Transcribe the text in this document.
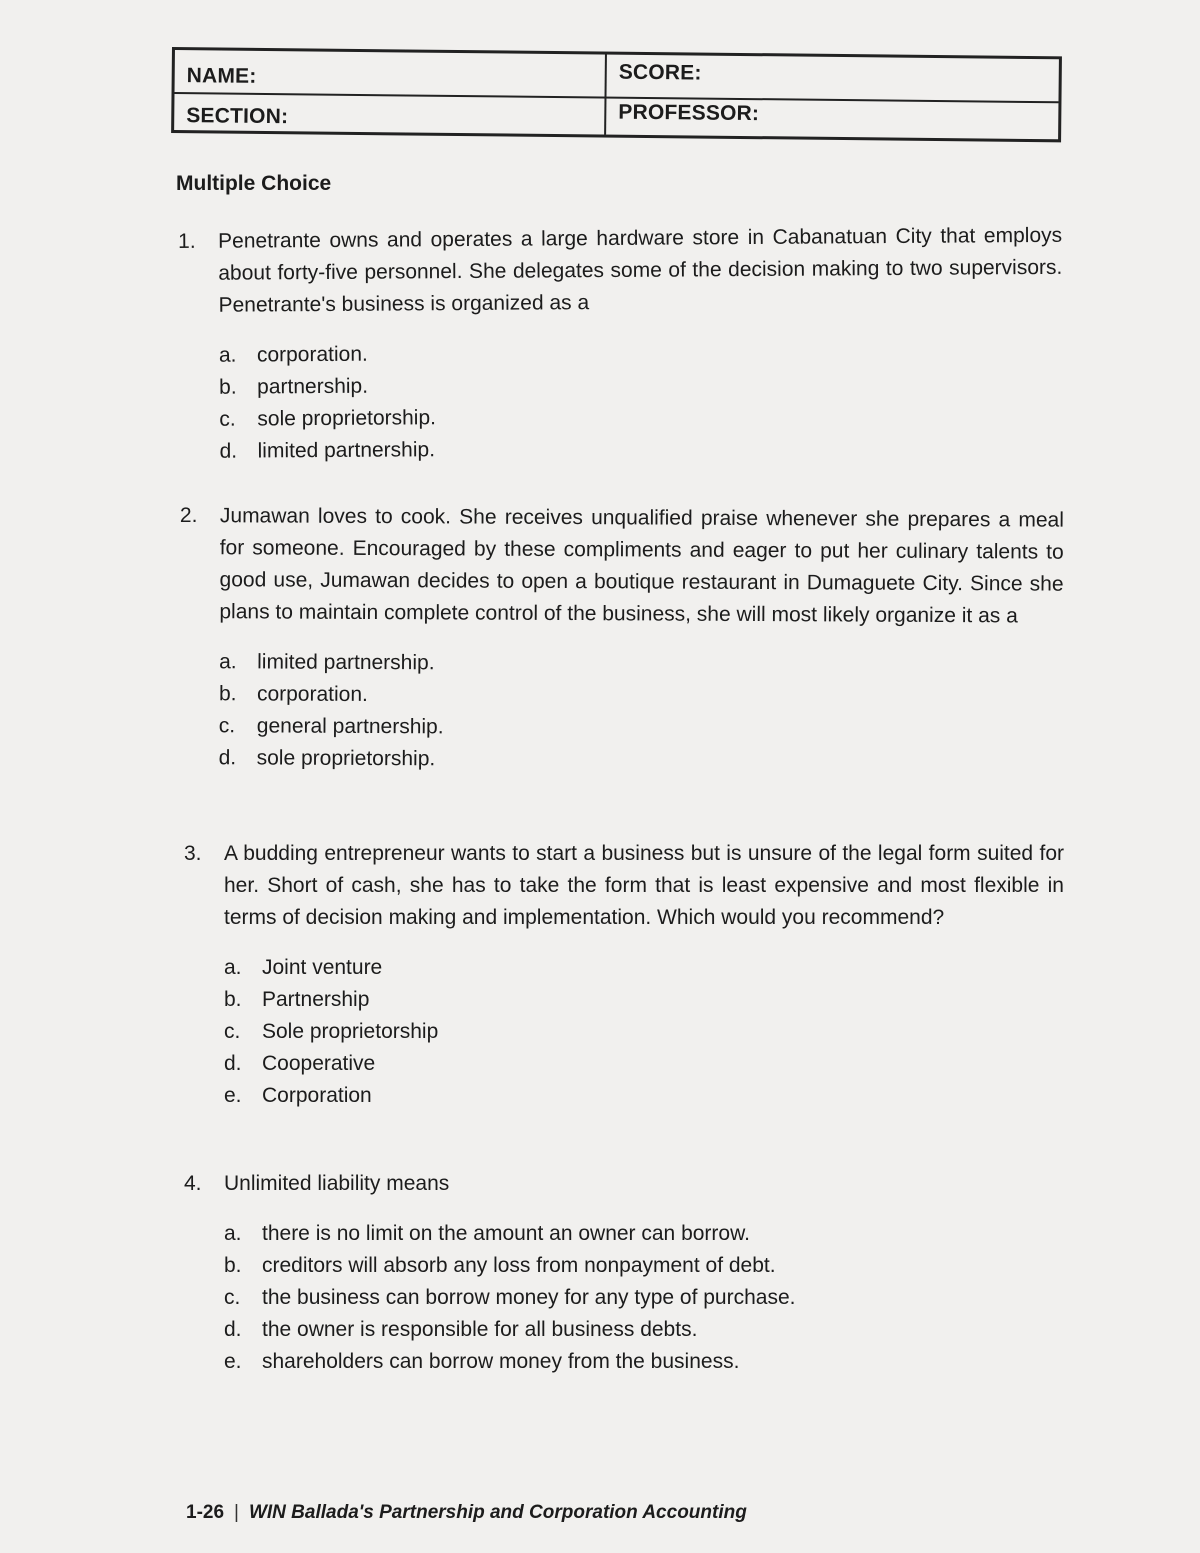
NAME:
SECTION:
SCORE:
PROFESSOR:
Multiple Choice
1. Penetrante owns and operates a large hardware store in Cabanatuan City that employs about forty-five personnel. She delegates some of the decision making to two supervisors. Penetrante's business is organized as a
a. corporation.
b. partnership.
c. sole proprietorship.
d. limited partnership.
2. Jumawan loves to cook. She receives unqualified praise whenever she prepares a meal for someone. Encouraged by these compliments and eager to put her culinary talents to good use, Jumawan decides to open a boutique restaurant in Dumaguete City. Since she plans to maintain complete control of the business, she will most likely organize it as a
a. limited partnership.
b. corporation.
c. general partnership.
d. sole proprietorship.
3. A budding entrepreneur wants to start a business but is unsure of the legal form suited for her. Short of cash, she has to take the form that is least expensive and most flexible in terms of decision making and implementation. Which would you recommend?
a. Joint venture
b. Partnership
c. Sole proprietorship
d. Cooperative
e. Corporation
4. Unlimited liability means
a. there is no limit on the amount an owner can borrow.
b. creditors will absorb any loss from nonpayment of debt.
c. the business can borrow money for any type of purchase.
d. the owner is responsible for all business debts.
e. shareholders can borrow money from the business.
1-26 | WIN Ballada's Partnership and Corporation Accounting
